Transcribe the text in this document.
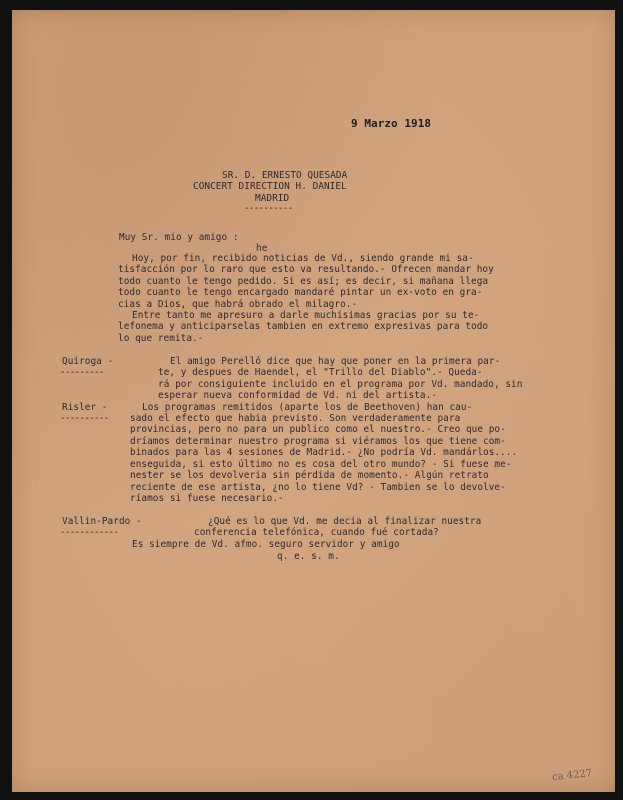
9 Marzo 1918
SR. D. ERNESTO QUESADA
CONCERT DIRECTION H. DANIEL
MADRID
----------
Muy Sr. mio y amigo :
he
Hoy, por fin, recibido noticias de Vd., siendo grande mi sa-
tisfacción por lo raro que esto va resultando.- Ofrecen mandar hoy
todo cuanto le tengo pedido. Si es así; es decir, si mañana llega
todo cuanto le tengo encargado mandaré pintar un ex-voto en gra-
cias a Dios, que habrá obrado el milagro.-
Entre tanto me apresuro a darle muchísimas gracias por su te-
lefonema y anticiparselas tambien en extremo expresivas para todo
lo que remita.-
Quiroga -	El amigo Perelló dice que hay que poner en la primera par-
---------	te, y despues de Haendel, el "Trillo del Diablo".- Queda-
rá por consiguiente incluido en el programa por Vd. mandado, sin
esperar nueva conformidad de Vd. ni del artista.-
Risler -	Los programas remitidos (aparte los de Beethoven) han cau-
---------- sado el efecto que habia previsto. Son verdaderamente para
provincias, pero no para un publico como el nuestro.- Creo que po-
dríamos determinar nuestro programa si viéramos los que tiene com-
binados para las 4 sesiones de Madrid.- ¿No podría Vd. mandárlos....
enseguida, si esto último no es cosa del otro mundo? - Si fuese me-
nester se los devolveria sin pérdida de momento.- Algún retrato
reciente de ese artista, ¿no lo tiene Vd? - Tambien se lo devolve-
ríamos si fuese necesario.-
Vallin-Pardo -	¿Qué es lo que Vd. me decia al finalizar nuestra
------------	conferencia telefónica, cuando fué cortada?
Es siempre de Vd. afmo. seguro servidor y amigo
q. e. s. m.
ca 4227
